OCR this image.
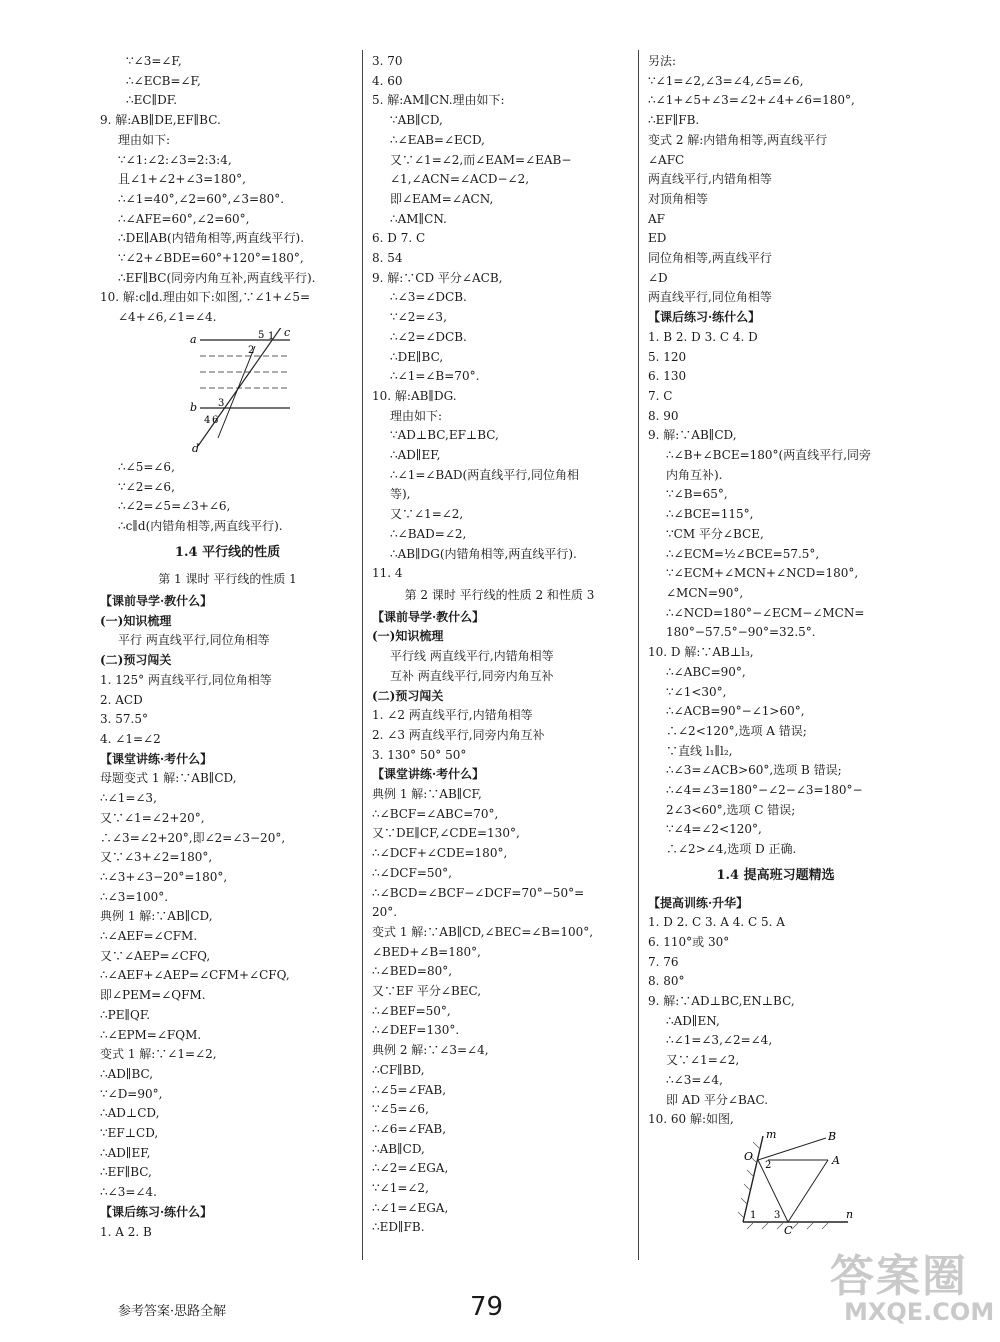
∵∠3=∠F,
∴∠ECB=∠F,
∴EC∥DF.
9. 解:AB∥DE,EF∥BC.
理由如下:
∵∠1:∠2:∠3=2:3:4,
且∠1+∠2+∠3=180°,
∴∠1=40°,∠2=60°,∠3=80°.
∴∠AFE=60°,∠2=60°,
∴DE∥AB(内错角相等,两直线平行).
∵∠2+∠BDE=60°+120°=180°,
∴EF∥BC(同旁内角互补,两直线平行).
10. 解:c∥d.理由如下:如图,∵∠1+∠5=
∠4+∠6,∠1=∠4.
a
b
c
d
1
2
3
4
5
6
∴∠5=∠6,
∵∠2=∠6,
∴∠2=∠5=∠3+∠6,
∴c∥d(内错角相等,两直线平行).
1.4 平行线的性质
第 1 课时 平行线的性质 1
【课前导学·教什么】
(一)知识梳理
平行 两直线平行,同位角相等
(二)预习闯关
1. 125° 两直线平行,同位角相等
2. ACD
3. 57.5°
4. ∠1=∠2
【课堂讲练·考什么】
母题变式 1 解:∵AB∥CD,
∴∠1=∠3,
又∵∠1=∠2+20°,
∴∠3=∠2+20°,即∠2=∠3−20°,
又∵∠3+∠2=180°,
∴∠3+∠3−20°=180°,
∴∠3=100°.
典例 1 解:∵AB∥CD,
∴∠AEF=∠CFM.
又∵∠AEP=∠CFQ,
∴∠AEF+∠AEP=∠CFM+∠CFQ,
即∠PEM=∠QFM.
∴PE∥QF.
∴∠EPM=∠FQM.
变式 1 解:∵∠1=∠2,
∴AD∥BC,
∵∠D=90°,
∴AD⊥CD,
∵EF⊥CD,
∴AD∥EF,
∴EF∥BC,
∴∠3=∠4.
【课后练习·练什么】
1. A 2. B
3. 70
4. 60
5. 解:AM∥CN.理由如下:
∵AB∥CD,
∴∠EAB=∠ECD,
又∵∠1=∠2,而∠EAM=∠EAB−
∠1,∠ACN=∠ACD−∠2,
即∠EAM=∠ACN,
∴AM∥CN.
6. D 7. C
8. 54
9. 解:∵CD 平分∠ACB,
∴∠3=∠DCB.
∵∠2=∠3,
∴∠2=∠DCB.
∴DE∥BC,
∴∠1=∠B=70°.
10. 解:AB∥DG.
理由如下:
∵AD⊥BC,EF⊥BC,
∴AD∥EF,
∴∠1=∠BAD(两直线平行,同位角相
等),
又∵∠1=∠2,
∴∠BAD=∠2,
∴AB∥DG(内错角相等,两直线平行).
11. 4
第 2 课时 平行线的性质 2 和性质 3
【课前导学·教什么】
(一)知识梳理
平行线 两直线平行,内错角相等
互补 两直线平行,同旁内角互补
(二)预习闯关
1. ∠2 两直线平行,内错角相等
2. ∠3 两直线平行,同旁内角互补
3. 130° 50° 50°
【课堂讲练·考什么】
典例 1 解:∵AB∥CF,
∴∠BCF=∠ABC=70°,
又∵DE∥CF,∠CDE=130°,
∴∠DCF+∠CDE=180°,
∴∠DCF=50°,
∴∠BCD=∠BCF−∠DCF=70°−50°=
20°.
变式 1 解:∵AB∥CD,∠BEC=∠B=100°,
∠BED+∠B=180°,
∴∠BED=80°,
又∵EF 平分∠BEC,
∴∠BEF=50°,
∴∠DEF=130°.
典例 2 解:∵∠3=∠4,
∴CF∥BD,
∴∠5=∠FAB,
∵∠5=∠6,
∴∠6=∠FAB,
∴AB∥CD,
∴∠2=∠EGA,
∵∠1=∠2,
∴∠1=∠EGA,
∴ED∥FB.
另法:
∵∠1=∠2,∠3=∠4,∠5=∠6,
∴∠1+∠5+∠3=∠2+∠4+∠6=180°,
∴EF∥FB.
变式 2 解:内错角相等,两直线平行
∠AFC
两直线平行,内错角相等
对顶角相等
AF
ED
同位角相等,两直线平行
∠D
两直线平行,同位角相等
【课后练习·练什么】
1. B 2. D 3. C 4. D
5. 120
6. 130
7. C
8. 90
9. 解:∵AB∥CD,
∴∠B+∠BCE=180°(两直线平行,同旁
内角互补).
∵∠B=65°,
∴∠BCE=115°,
∵CM 平分∠BCE,
∴∠ECM=½∠BCE=57.5°,
∵∠ECM+∠MCN+∠NCD=180°,
∠MCN=90°,
∴∠NCD=180°−∠ECM−∠MCN=
180°−57.5°−90°=32.5°.
10. D 解:∵AB⊥l₃,
∴∠ABC=90°,
∵∠1<30°,
∴∠ACB=90°−∠1>60°,
∴∠2<120°,选项 A 错误;
∵直线 l₁∥l₂,
∴∠3=∠ACB>60°,选项 B 错误;
∴∠4=∠3=180°−∠2−∠3=180°−
2∠3<60°,选项 C 错误;
∵∠4=∠2<120°,
∴∠2>∠4,选项 D 正确.
1.4 提高班习题精选
【提高训练·升华】
1. D 2. C 3. A 4. C 5. A
6. 110°或 30°
7. 76
8. 80°
9. 解:∵AD⊥BC,EN⊥BC,
∴AD∥EN,
∴∠1=∠3,∠2=∠4,
又∵∠1=∠2,
∴∠3=∠4,
即 AD 平分∠BAC.
10. 60 解:如图,
m
n
O	A
B
C
1
2
3
参考答案·思路全解	79
答案圈
MXQE.COM
